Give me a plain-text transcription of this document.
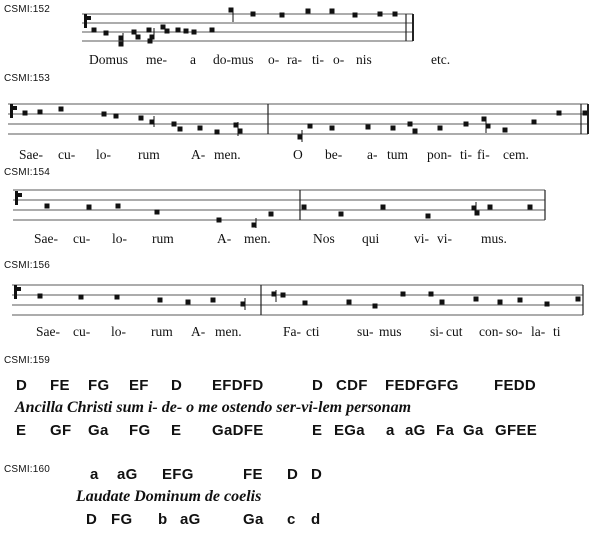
CSMI:152
Domus me- a do-mus o- ra- ti- o- nis	etc.
CSMI:153
Sae- cu- lo- rum A- men.	O be- a- tum pon- ti- fi- cem.
CSMI:154
Sae- cu- lo- rum	A- men.	Nos qui	vi- vi- mus.
CSMI:156
Sae- cu- lo- rum A- men.	Fa- cti	su- mus si- cut con- so- la- ti
CSMI:159
D FE FG EF D EFDFD	D CDF FEDFGFG FEDD
Ancilla Christi sum i- de- o me ostendo ser-vi-lem personam
E GF Ga FG E GaDFE	E EGa a aG Fa Ga GFEE
CSMI:160	a aG EFG	FE D D
Laudate Dominum de coelis
D FG b aG	Ga c d
